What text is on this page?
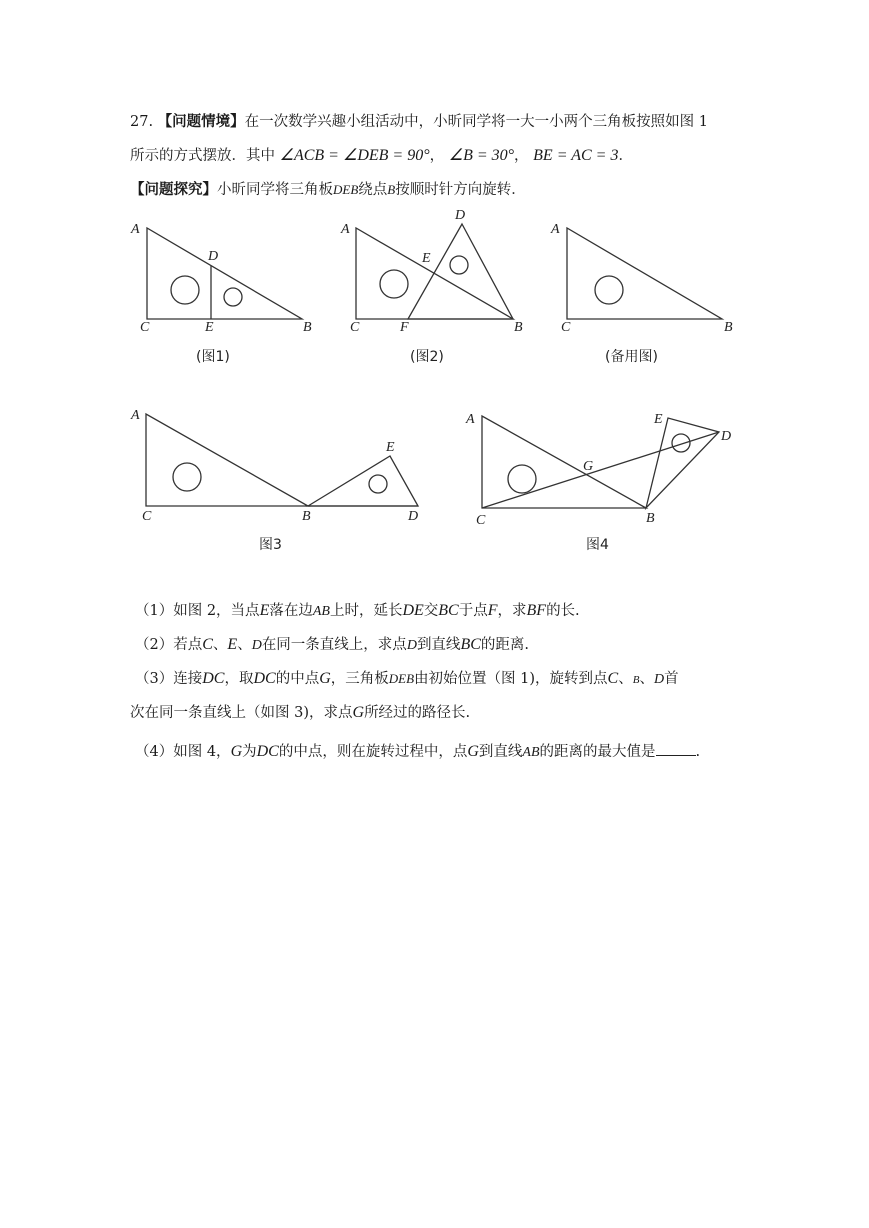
27. 【问题情境】在一次数学兴趣小组活动中，小昕同学将一大一小两个三角板按照如图 1
所示的方式摆放．其中 ∠ACB = ∠DEB = 90°， ∠B = 30°， BE = AC = 3．
【问题探究】小昕同学将三角板DEB绕点B按顺时针方向旋转．
A
D
C	E	B
(图1)
D
A
E
C	F	B
(图2)
A
C	B
(备用图)
A
E
C	B	D
图3
A	E
D
G
C	B
图4
（1）如图 2，当点E落在边AB上时，延长DE交BC于点F，求BF的长.
（2）若点C、E、D在同一条直线上，求点D到直线BC的距离.
（3）连接DC，取DC的中点G，三角板DEB由初始位置（图 1)，旋转到点C、B、D首
次在同一条直线上（如图 3)，求点G所经过的路径长.
（4）如图 4，G为DC的中点，则在旋转过程中，点G到直线AB的距离的最大值是	.
